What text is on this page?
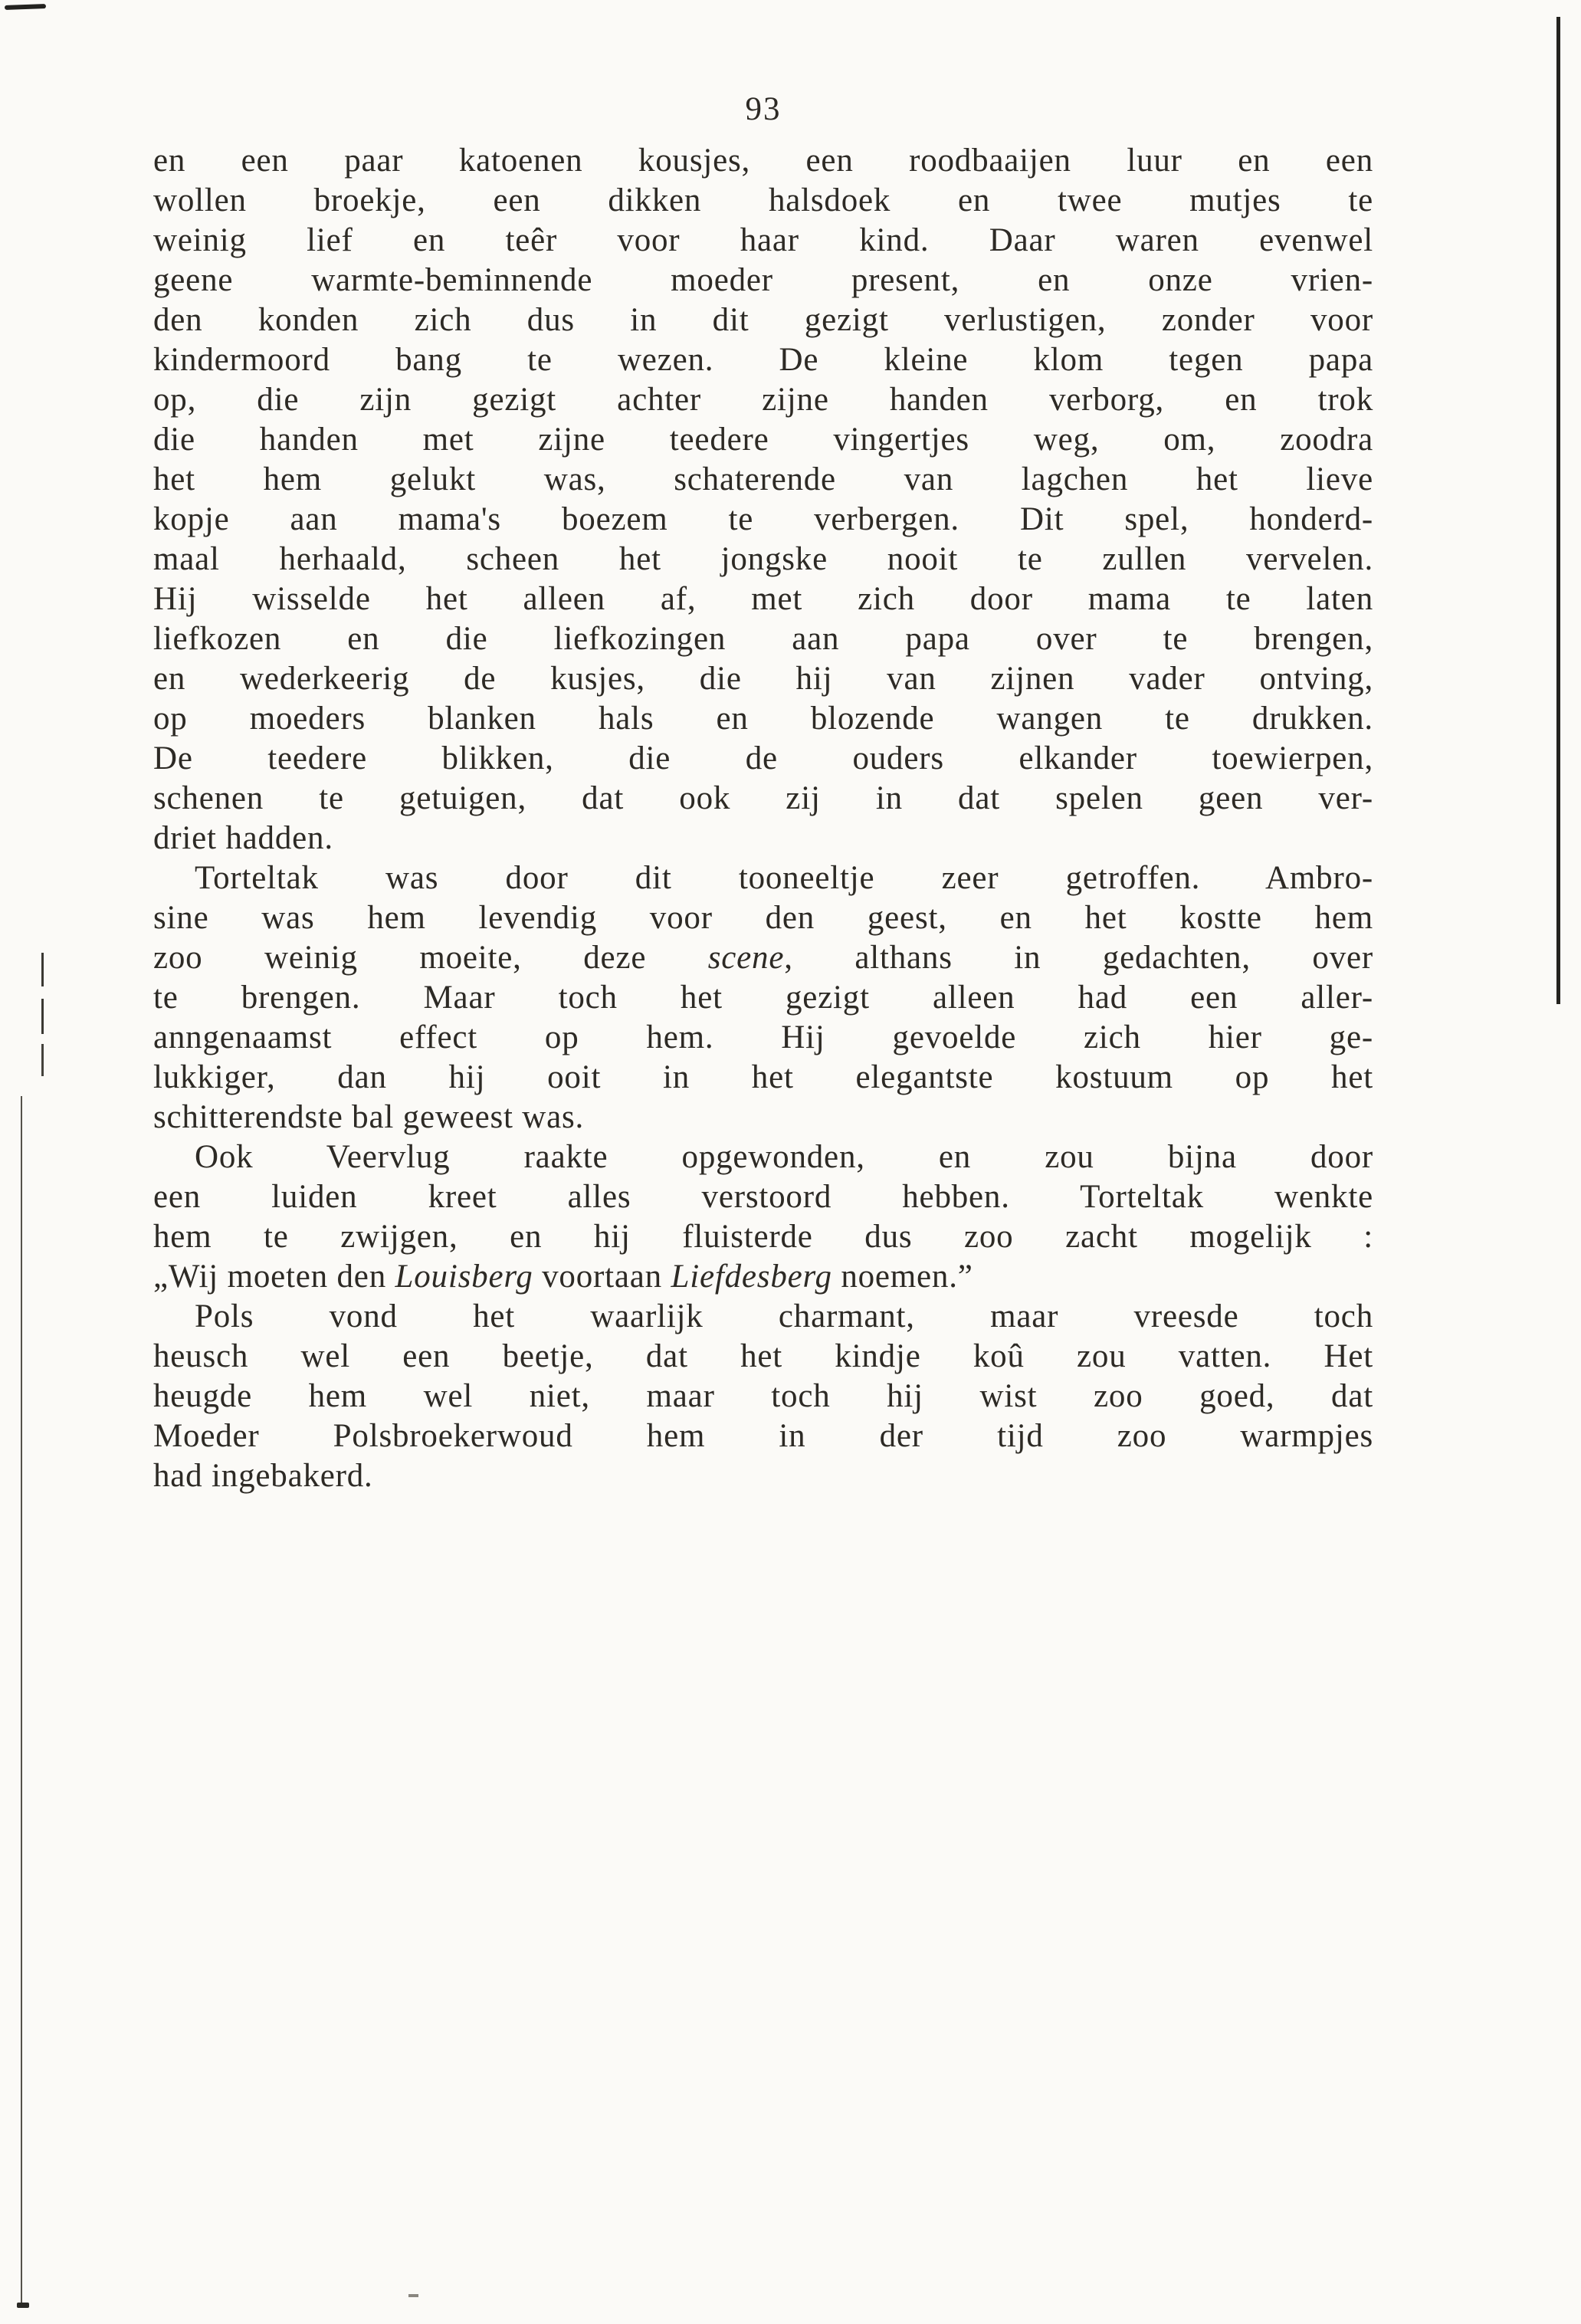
93
en een paar katoenen kousjes, een roodbaaijen luur en een
wollen broekje, een dikken halsdoek en twee mutjes te
weinig lief en teêr voor haar kind. Daar waren evenwel
geene warmte-beminnende moeder present, en onze vrien-
den konden zich dus in dit gezigt verlustigen, zonder voor
kindermoord bang te wezen. De kleine klom tegen papa
op, die zijn gezigt achter zijne handen verborg, en trok
die handen met zijne teedere vingertjes weg, om, zoodra
het hem gelukt was, schaterende van lagchen het lieve
kopje aan mama's boezem te verbergen. Dit spel, honderd-
maal herhaald, scheen het jongske nooit te zullen vervelen.
Hij wisselde het alleen af, met zich door mama te laten
liefkozen en die liefkozingen aan papa over te brengen,
en wederkeerig de kusjes, die hij van zijnen vader ontving,
op moeders blanken hals en blozende wangen te drukken.
De teedere blikken, die de ouders elkander toewierpen,
schenen te getuigen, dat ook zij in dat spelen geen ver-
driet hadden.
Torteltak was door dit tooneeltje zeer getroffen. Ambro-
sine was hem levendig voor den geest, en het kostte hem
zoo weinig moeite, deze scene, althans in gedachten, over
te brengen. Maar toch het gezigt alleen had een aller-
anngenaamst effect op hem. Hij gevoelde zich hier ge-
lukkiger, dan hij ooit in het elegantste kostuum op het
schitterendste bal geweest was.
Ook Veervlug raakte opgewonden, en zou bijna door
een luiden kreet alles verstoord hebben. Torteltak wenkte
hem te zwijgen, en hij fluisterde dus zoo zacht mogelijk :
„Wij moeten den Louisberg voortaan Liefdesberg noemen.”
Pols vond het waarlijk charmant, maar vreesde toch
heusch wel een beetje, dat het kindje koû zou vatten. Het
heugde hem wel niet, maar toch hij wist zoo goed, dat
Moeder Polsbroekerwoud hem in der tijd zoo warmpjes
had ingebakerd.
